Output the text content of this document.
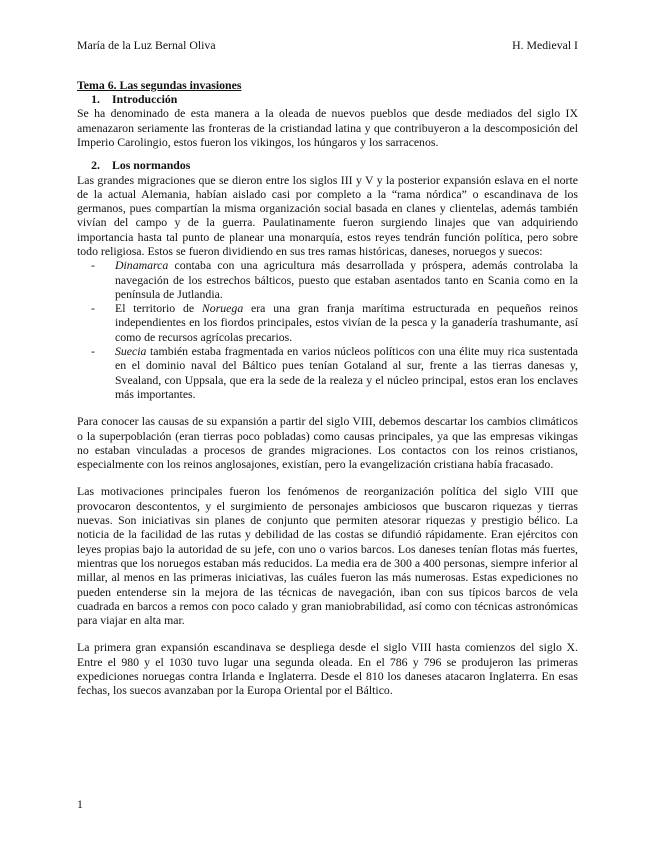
María de la Luz Bernal Oliva	H. Medieval I
Tema 6. Las segundas invasiones
1. Introducción

Se ha denominado de esta manera a la oleada de nuevos pueblos que desde mediados del siglo IX amenazaron seriamente las fronteras de la cristiandad latina y que contribuyeron a la descomposición del Imperio Carolingio, estos fueron los vikingos, los húngaros y los sarracenos.

2. Los normandos

Las grandes migraciones que se dieron entre los siglos III y V y la posterior expansión eslava en el norte de la actual Alemania, habían aislado casi por completo a la “rama nórdica” o escandinava de los germanos, pues compartían la misma organización social basada en clanes y clientelas, además también vivían del campo y de la guerra. Paulatinamente fueron surgiendo linajes que van adquiriendo importancia hasta tal punto de planear una monarquía, estos reyes tendrán función política, pero sobre todo religiosa. Estos se fueron dividiendo en sus tres ramas históricas, daneses, noruegos y suecos:

-	Dinamarca contaba con una agricultura más desarrollada y próspera, además controlaba la navegación de los estrechos bálticos, puesto que estaban asentados tanto en Scania como en la península de Jutlandia.
-	El territorio de Noruega era una gran franja marítima estructurada en pequeños reinos independientes en los fiordos principales, estos vivían de la pesca y la ganadería trashumante, así como de recursos agrícolas precarios.
-	Suecia también estaba fragmentada en varios núcleos políticos con una élite muy rica sustentada en el dominio naval del Báltico pues tenían Gotaland al sur, frente a las tierras danesas y, Svealand, con Uppsala, que era la sede de la realeza y el núcleo principal, estos eran los enclaves más importantes.

Para conocer las causas de su expansión a partir del siglo VIII, debemos descartar los cambios climáticos o la superpoblación (eran tierras poco pobladas) como causas principales, ya que las empresas vikingas no estaban vinculadas a procesos de grandes migraciones. Los contactos con los reinos cristianos, especialmente con los reinos anglosajones, existían, pero la evangelización cristiana había fracasado.

Las motivaciones principales fueron los fenómenos de reorganización política del siglo VIII que provocaron descontentos, y el surgimiento de personajes ambiciosos que buscaron riquezas y tierras nuevas. Son iniciativas sin planes de conjunto que permiten atesorar riquezas y prestigio bélico. La noticia de la facilidad de las rutas y debilidad de las costas se difundió rápidamente. Eran ejércitos con leyes propias bajo la autoridad de su jefe, con uno o varios barcos. Los daneses tenían flotas más fuertes, mientras que los noruegos estaban más reducidos. La media era de 300 a 400 personas, siempre inferior al millar, al menos en las primeras iniciativas, las cuáles fueron las más numerosas. Estas expediciones no pueden entenderse sin la mejora de las técnicas de navegación, iban con sus típicos barcos de vela cuadrada en barcos a remos con poco calado y gran maniobrabilidad, así como con técnicas astronómicas para viajar en alta mar.

La primera gran expansión escandinava se despliega desde el siglo VIII hasta comienzos del siglo X. Entre el 980 y el 1030 tuvo lugar una segunda oleada. En el 786 y 796 se produjeron las primeras expediciones noruegas contra Irlanda e Inglaterra. Desde el 810 los daneses atacaron Inglaterra. En esas fechas, los suecos avanzaban por la Europa Oriental por el Báltico.

1
